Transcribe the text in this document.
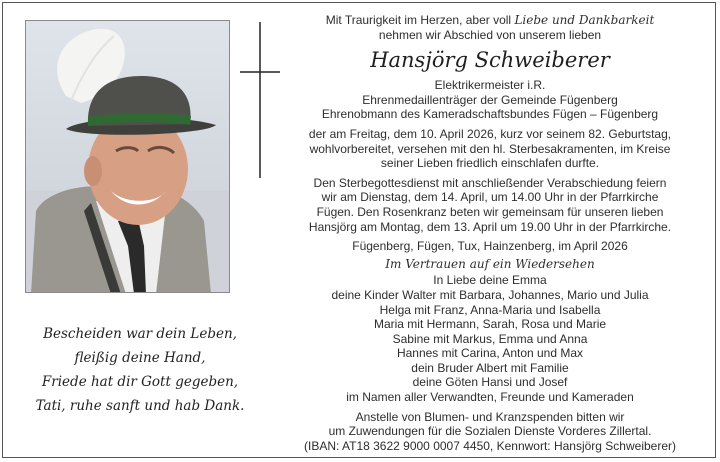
Bescheiden war dein Leben,
fleißig deine Hand,
Friede hat dir Gott gegeben,
Tati, ruhe sanft und hab Dank.
Mit Traurigkeit im Herzen, aber voll Liebe und Dankbarkeit
nehmen wir Abschied von unserem lieben
Hansjörg Schweiberer
Elektrikermeister i.R.
Ehrenmedaillenträger der Gemeinde Fügenberg
Ehrenobmann des Kameradschaftsbundes Fügen – Fügenberg
der am Freitag, dem 10. April 2026, kurz vor seinem 82. Geburtstag,
wohlvorbereitet, versehen mit den hl. Sterbesakramenten, im Kreise
seiner Lieben friedlich einschlafen durfte.
Den Sterbegottesdienst mit anschließender Verabschiedung feiern
wir am Dienstag, dem 14. April, um 14.00 Uhr in der Pfarrkirche
Fügen. Den Rosenkranz beten wir gemeinsam für unseren lieben
Hansjörg am Montag, dem 13. April um 19.00 Uhr in der Pfarrkirche.
Fügenberg, Fügen, Tux, Hainzenberg, im April 2026
Im Vertrauen auf ein Wiedersehen
In Liebe deine Emma
deine Kinder Walter mit Barbara, Johannes, Mario und Julia
Helga mit Franz, Anna-Maria und Isabella
Maria mit Hermann, Sarah, Rosa und Marie
Sabine mit Markus, Emma und Anna
Hannes mit Carina, Anton und Max
dein Bruder Albert mit Familie
deine Göten Hansi und Josef
im Namen aller Verwandten, Freunde und Kameraden
Anstelle von Blumen- und Kranzspenden bitten wir
um Zuwendungen für die Sozialen Dienste Vorderes Zillertal.
(IBAN: AT18 3622 9000 0007 4450, Kennwort: Hansjörg Schweiberer)
